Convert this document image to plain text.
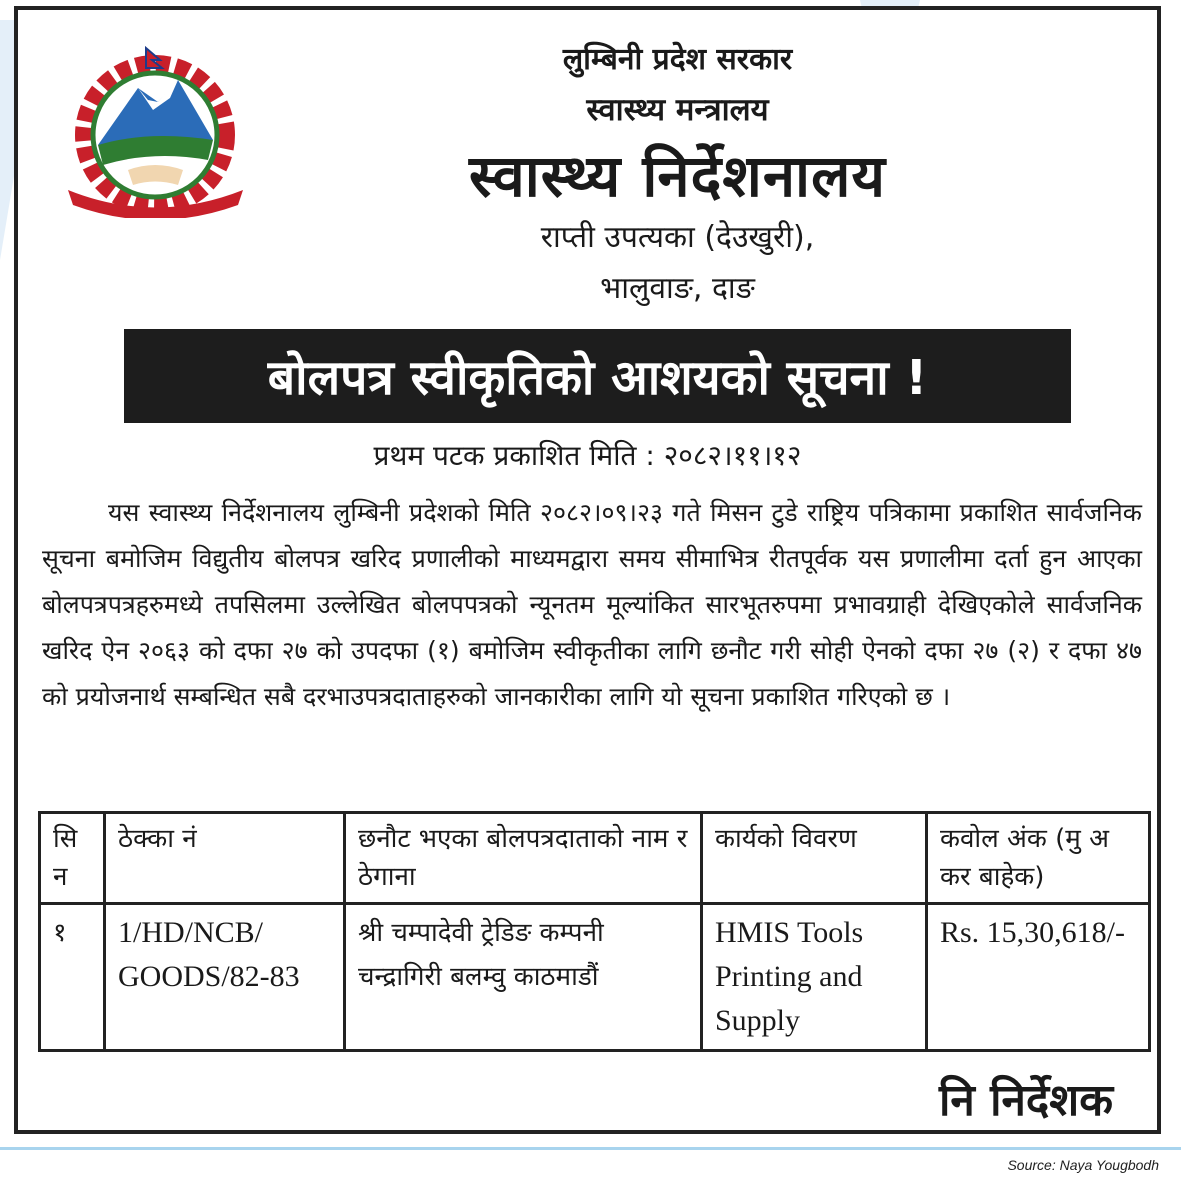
लुम्बिनी प्रदेश सरकार
स्वास्थ्य मन्त्रालय
स्वास्थ्य निर्देशनालय
राप्ती उपत्यका (देउखुरी),
भालुवाङ, दाङ
बोलपत्र स्वीकृतिको आशयको सूचना !
प्रथम पटक प्रकाशित मिति : २०८२।११।१२
यस स्वास्थ्य निर्देशनालय लुम्बिनी प्रदेशको मिति २०८२।०९।२३ गते मिसन टुडे राष्ट्रिय पत्रिकामा प्रकाशित सार्वजनिक सूचना बमोजिम विद्युतीय बोलपत्र खरिद प्रणालीको माध्यमद्वारा समय सीमाभित्र रीतपूर्वक यस प्रणालीमा दर्ता हुन आएका बोलपत्रपत्रहरुमध्ये तपसिलमा उल्लेखित बोलपपत्रको न्यूनतम मूल्यांकित सारभूतरुपमा प्रभावग्राही देखिएकोले सार्वजनिक खरिद ऐन २०६३ को दफा २७ को उपदफा (१) बमोजिम स्वीकृतीका लागि छनौट गरी सोही ऐनको दफा २७ (२) र दफा ४७ को प्रयोजनार्थ सम्बन्धित सबै दरभाउपत्रदाताहरुको जानकारीका लागि यो सूचना प्रकाशित गरिएको छ ।
सि न	ठेक्का नं	छनौट भएका बोलपत्रदाताको नाम र ठेगाना	कार्यको विवरण	कवोल अंक (मु अ कर बाहेक)
१	1/HD/NCB/ GOODS/82-83	श्री चम्पादेवी ट्रेडिङ कम्पनी चन्द्रागिरी बलम्वु काठमाडौं	HMIS Tools Printing and Supply	Rs. 15,30,618/-
नि निर्देशक
Source: Naya Yougbodh
